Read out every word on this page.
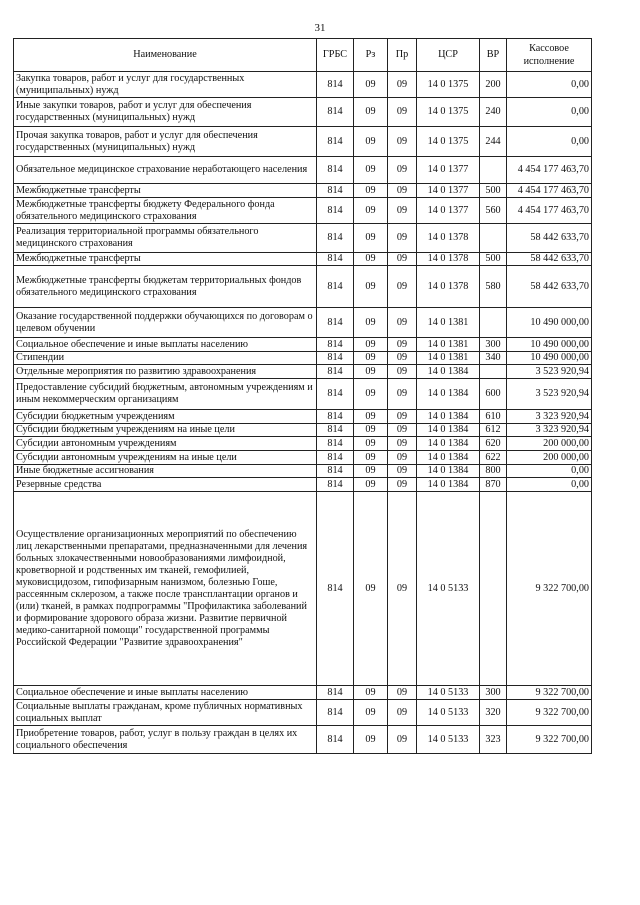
31
Наименование	ГРБС	Рз	Пр	ЦСР	ВР	Кассовое
исполнение

Закупка товаров, работ и услуг для государственных (муниципальных) нужд	814	09	09	14 0 1375	200	0,00
Иные закупки товаров, работ и услуг для обеспечения государственных (муниципальных) нужд	814	09	09	14 0 1375	240	0,00
Прочая закупка товаров, работ и услуг для обеспечения государственных (муниципальных) нужд	814	09	09	14 0 1375	244	0,00
Обязательное медицинское страхование неработающего населения	814	09	09	14 0 1377		4 454 177 463,70
Межбюджетные трансферты	814	09	09	14 0 1377	500	4 454 177 463,70
Межбюджетные трансферты бюджету Федерального фонда обязательного медицинского страхования	814	09	09	14 0 1377	560	4 454 177 463,70
Реализация территориальной программы обязательного медицинского страхования	814	09	09	14 0 1378		58 442 633,70
Межбюджетные трансферты	814	09	09	14 0 1378	500	58 442 633,70
Межбюджетные трансферты бюджетам территориальных фондов обязательного медицинского страхования	814	09	09	14 0 1378	580	58 442 633,70
Оказание государственной поддержки обучающихся по договорам о целевом обучении	814	09	09	14 0 1381		10 490 000,00
Социальное обеспечение и иные выплаты населению	814	09	09	14 0 1381	300	10 490 000,00
Стипендии	814	09	09	14 0 1381	340	10 490 000,00
Отдельные мероприятия по развитию здравоохранения	814	09	09	14 0 1384		3 523 920,94
Предоставление субсидий бюджетным, автономным учреждениям и иным некоммерческим организациям	814	09	09	14 0 1384	600	3 523 920,94
Субсидии бюджетным учреждениям	814	09	09	14 0 1384	610	3 323 920,94
Субсидии бюджетным учреждениям на иные цели	814	09	09	14 0 1384	612	3 323 920,94
Субсидии автономным учреждениям	814	09	09	14 0 1384	620	200 000,00
Субсидии автономным учреждениям на иные цели	814	09	09	14 0 1384	622	200 000,00
Иные бюджетные ассигнования	814	09	09	14 0 1384	800	0,00
Резервные средства	814	09	09	14 0 1384	870	0,00
Осуществление организационных мероприятий по обеспечению лиц лекарственными препаратами, предназначенными для лечения больных злокачественными новообразованиями лимфоидной, кроветворной и родственных им тканей, гемофилией, муковисцидозом, гипофизарным нанизмом, болезнью Гоше, рассеянным склерозом, а также после трансплантации органов и (или) тканей, в рамках подпрограммы "Профилактика заболеваний и формирование здорового образа жизни. Развитие первичной медико-санитарной помощи" государственной программы Российской Федерации "Развитие здравоохранения"	814	09	09	14 0 5133		9 322 700,00
Социальное обеспечение и иные выплаты населению	814	09	09	14 0 5133	300	9 322 700,00
Социальные выплаты гражданам, кроме публичных нормативных социальных выплат	814	09	09	14 0 5133	320	9 322 700,00
Приобретение товаров, работ, услуг в пользу граждан в целях их социального обеспечения	814	09	09	14 0 5133	323	9 322 700,00
